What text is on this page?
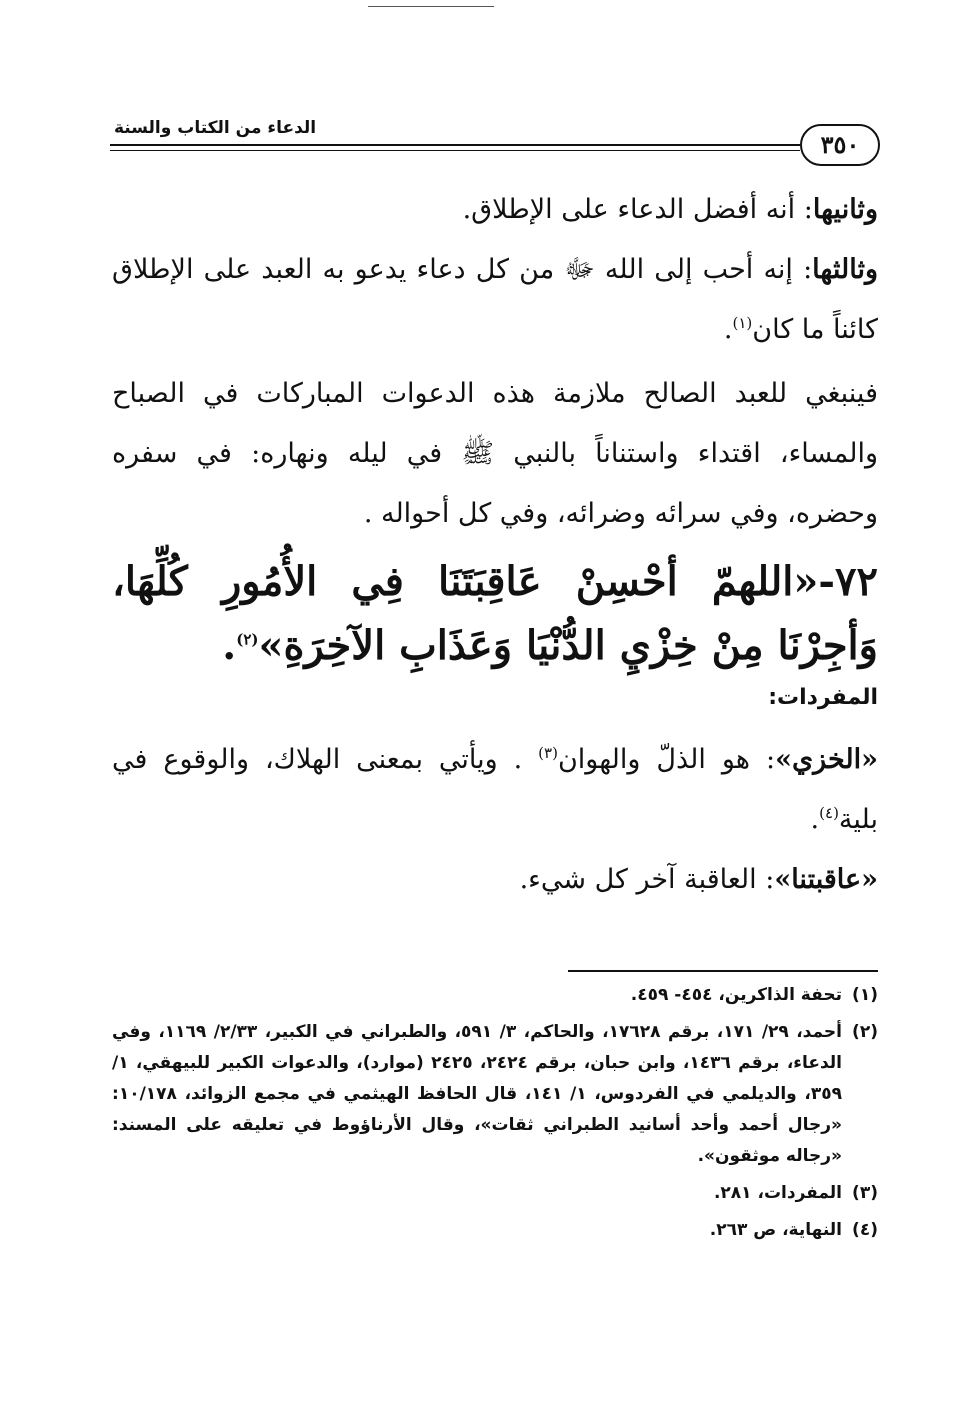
الدعاء من الكتاب والسنة
٣٥٠

وثانيها: أنه أفضل الدعاء على الإطلاق.

وثالثها: إنه أحب إلى الله ﷻ من كل دعاء يدعو به العبد على الإطلاق كائناً ما كان$^{(١)}$.

فينبغي للعبد الصالح ملازمة هذه الدعوات المباركات في الصباح والمساء، اقتداء واستناناً بالنبي ﷺ في ليله ونهاره: في سفره وحضره، وفي سرائه وضرائه، وفي كل أحواله .

٧٢-«اللهمّ أحْسِنْ عَاقِبَتَنَا فِي الأُمُورِ كُلِّهَا، وَأجِرْنَا مِنْ خِزْيِ الدُّنْيَا وَعَذَابِ الآخِرَةِ»$^{(٢)}$.

المفردات:

«الخزي»: هو الذلّ والهوان$^{(٣)}$ . ويأتي بمعنى الهلاك، والوقوع في بلية$^{(٤)}$.

«عاقبتنا»: العاقبة آخر كل شيء.

(١)
تحفة الذاكرين، ٤٥٤- ٤٥٩.
(٢)
أحمد، ٢٩/ ١٧١، برقم ١٧٦٢٨، والحاكم، ٣/ ٥٩١، والطبراني في الكبير، ٢/٣٣/ ١١٦٩، وفي الدعاء، برقم ١٤٣٦، وابن حبان، برقم ٢٤٢٤، ٢٤٢٥ (موارد)، والدعوات الكبير للبيهقي، ١/ ٣٥٩، والديلمي في الفردوس، ١/ ١٤١، قال الحافظ الهيثمي في مجمع الزوائد، ١٠/١٧٨: «رجال أحمد وأحد أسانيد الطبراني ثقات»، وقال الأرناؤوط في تعليقه على المسند: «رجاله موثقون».
(٣)
المفردات، ٢٨١.
(٤)
النهاية، ص ٢٦٣.
